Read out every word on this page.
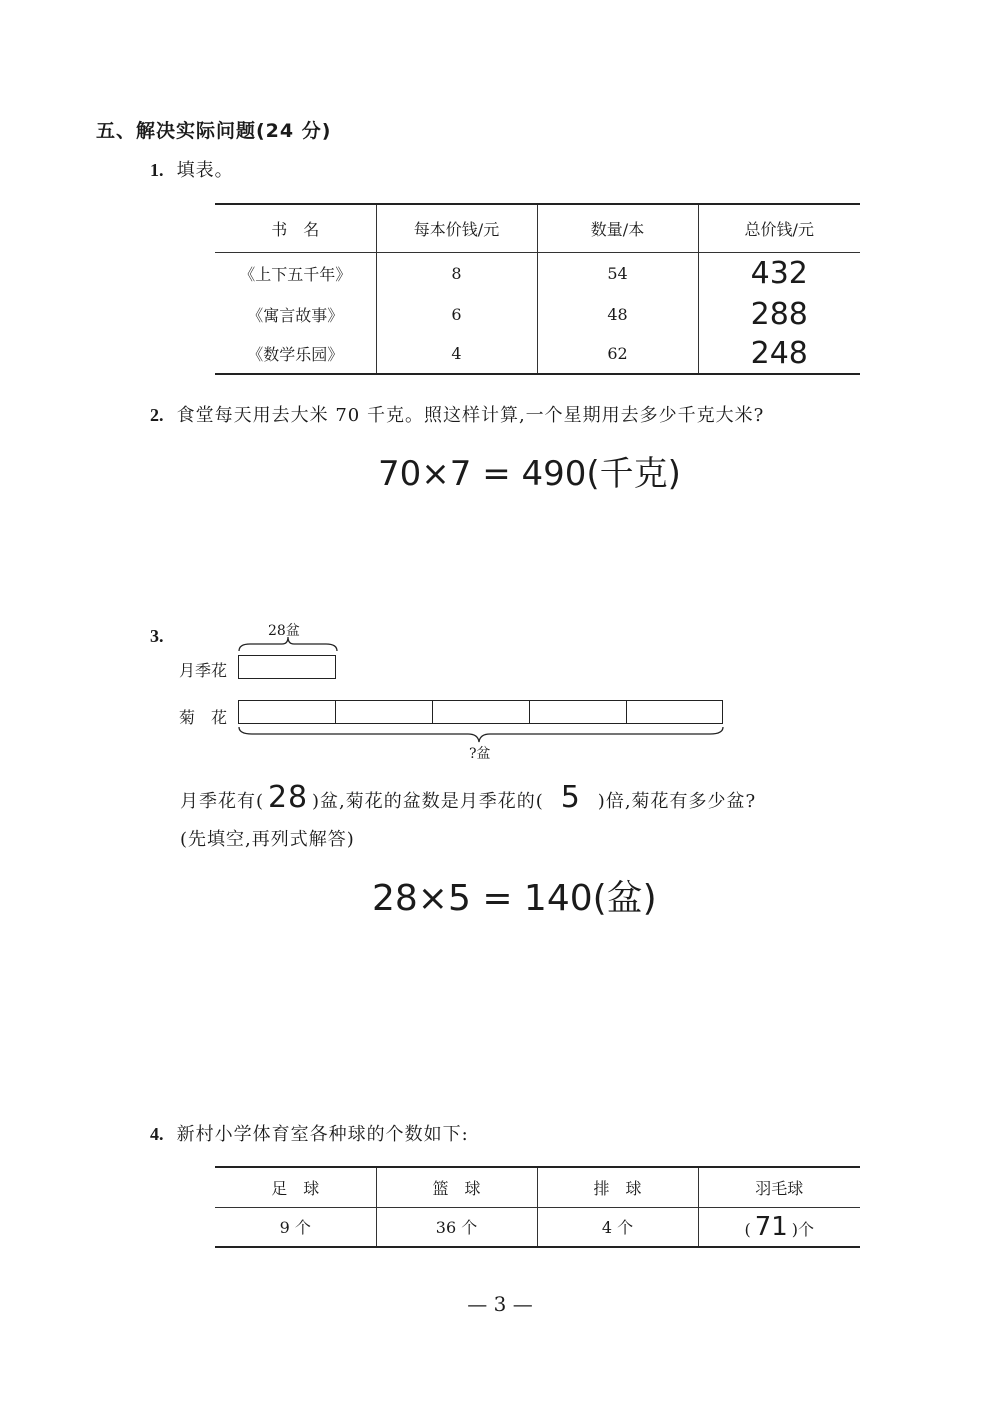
五、解决实际问题(24 分)
1. 填表。
书　名	每本价钱/元	数量/本	总价钱/元
《上下五千年》	8	54	432
《寓言故事》	6	48	288
《数学乐园》	4	62	248
2. 食堂每天用去大米 70 千克。照这样计算,一个星期用去多少千克大米?
70×7 = 490(千克)
3.	28盆
月季花
菊　花
?盆
月季花有( 28 )盆,菊花的盆数是月季花的( 5 )倍,菊花有多少盆?
(先填空,再列式解答)
28×5 = 140(盆)
4. 新村小学体育室各种球的个数如下:
足　球	篮　球	排　球	羽毛球
9 个	36 个	4 个	( 71 )个
— 3 —
